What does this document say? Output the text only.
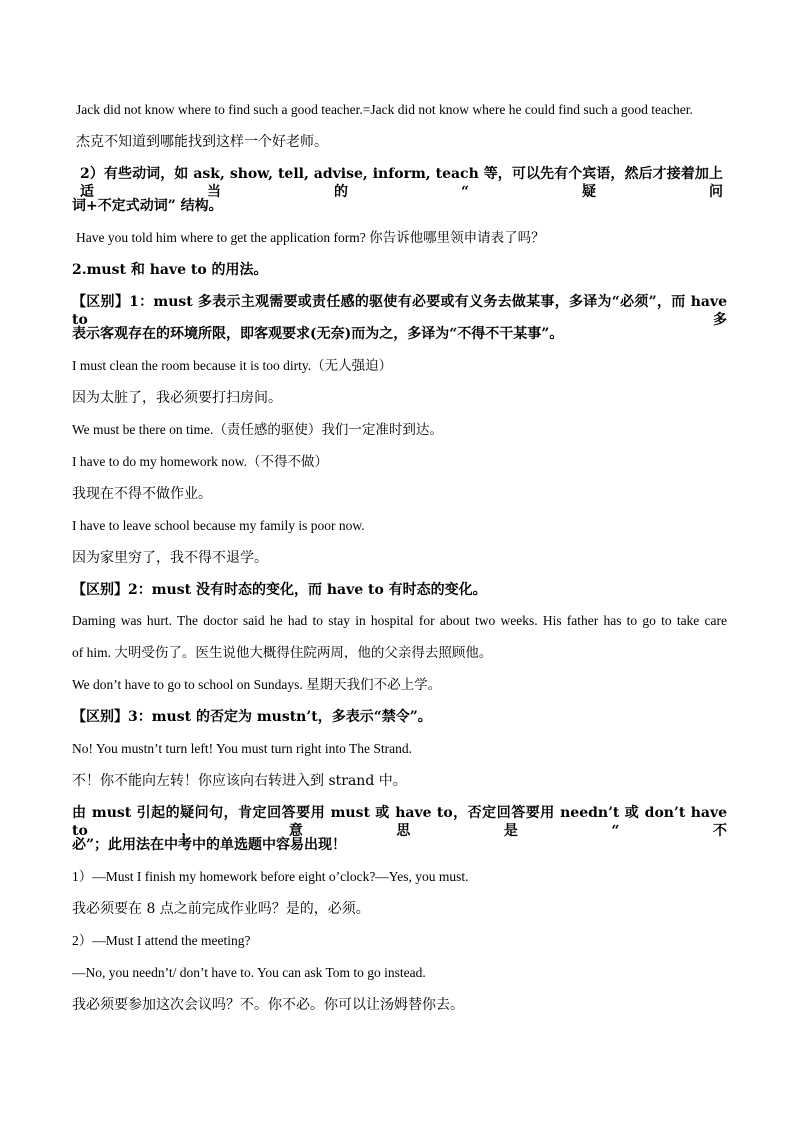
Jack did not know where to find such a good teacher.=Jack did not know where he could find such a good teacher.
杰克不知道到哪能找到这样一个好老师。
2）有些动词，如 ask, show, tell, advise, inform, teach 等，可以先有个宾语，然后才接着加上适当的“疑问
词+不定式动词” 结构。
Have you told him where to get the application form? 你告诉他哪里领申请表了吗？
2.must 和 have to 的用法。
【区别】1：must 多表示主观需要或责任感的驱使有必要或有义务去做某事，多译为“必须”，而 have to 多
表示客观存在的环境所限，即客观要求(无奈)而为之，多译为“不得不干某事”。
I must clean the room because it is too dirty.（无人强迫）
因为太脏了，我必须要打扫房间。
We must be there on time.（责任感的驱使）我们一定准时到达。
I have to do my homework now.（不得不做）
我现在不得不做作业。
I have to leave school because my family is poor now.
因为家里穷了，我不得不退学。
【区别】2：must 没有时态的变化，而 have to 有时态的变化。
Daming was hurt. The doctor said he had to stay in hospital for about two weeks. His father has to go to take care
of him. 大明受伤了。医生说他大概得住院两周，他的父亲得去照顾他。
We don’t have to go to school on Sundays. 星期天我们不必上学。
【区别】3：must 的否定为 mustn’t，多表示“禁令”。
No! You mustn’t turn left! You must turn right into The Strand.
不！你不能向左转！你应该向右转进入到 strand 中。
由 must 引起的疑问句，肯定回答要用 must 或 have to，否定回答要用 needn’t 或 don’t have to，意思是“不
必”；此用法在中考中的单选题中容易出现！
1）—Must I finish my homework before eight o’clock?—Yes, you must.
我必须要在 8 点之前完成作业吗？是的，必须。
2）—Must I attend the meeting?
—No, you needn’t/ don’t have to. You can ask Tom to go instead.
我必须要参加这次会议吗？不。你不必。你可以让汤姆替你去。
